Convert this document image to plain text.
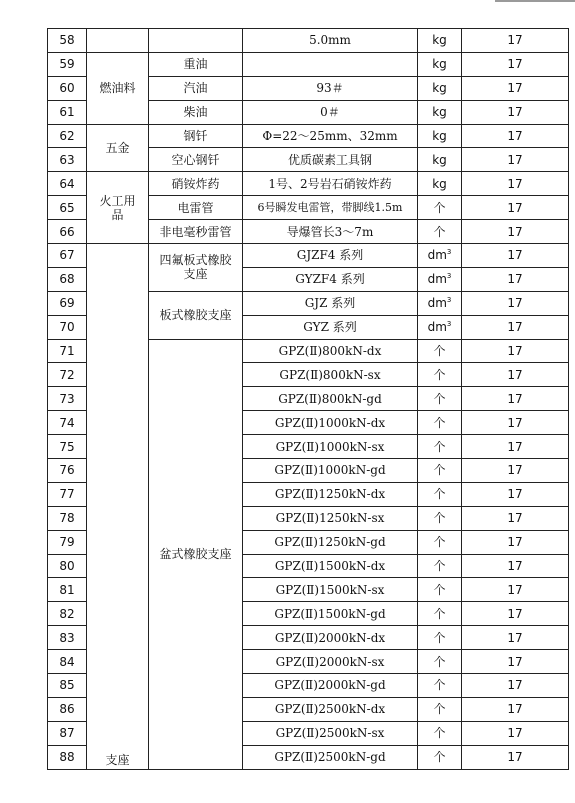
58			5.0mm	kg	17
59	燃油料	重油		kg	17
60		汽油	93＃	kg	17
61		柴油	0＃	kg	17
62	五金	钢钎	Φ=22～25mm、32mm	kg	17
63		空心钢钎	优质碳素工具钢	kg	17
64	火工用品	硝铵炸药	1号、2号岩石硝铵炸药	kg	17
65		电雷管	6号瞬发电雷管，带脚线1.5m	个	17
66		非电毫秒雷管	导爆管长3～7m	个	17
67	支座	四氟板式橡胶支座	GJZF4 系列	$dm^3$	17
68			GYZF4 系列	$dm^3$	17
69		板式橡胶支座	GJZ 系列	$dm^3$	17
70			GYZ 系列	$dm^3$	17
71		盆式橡胶支座	GPZ(Ⅱ)800kN-dx	个	17
72			GPZ(Ⅱ)800kN-sx	个	17
73			GPZ(Ⅱ)800kN-gd	个	17
74			GPZ(Ⅱ)1000kN-dx	个	17
75			GPZ(Ⅱ)1000kN-sx	个	17
76			GPZ(Ⅱ)1000kN-gd	个	17
77			GPZ(Ⅱ)1250kN-dx	个	17
78			GPZ(Ⅱ)1250kN-sx	个	17
79			GPZ(Ⅱ)1250kN-gd	个	17
80			GPZ(Ⅱ)1500kN-dx	个	17
81			GPZ(Ⅱ)1500kN-sx	个	17
82			GPZ(Ⅱ)1500kN-gd	个	17
83			GPZ(Ⅱ)2000kN-dx	个	17
84			GPZ(Ⅱ)2000kN-sx	个	17
85			GPZ(Ⅱ)2000kN-gd	个	17
86			GPZ(Ⅱ)2500kN-dx	个	17
87			GPZ(Ⅱ)2500kN-sx	个	17
88			GPZ(Ⅱ)2500kN-gd	个	17
